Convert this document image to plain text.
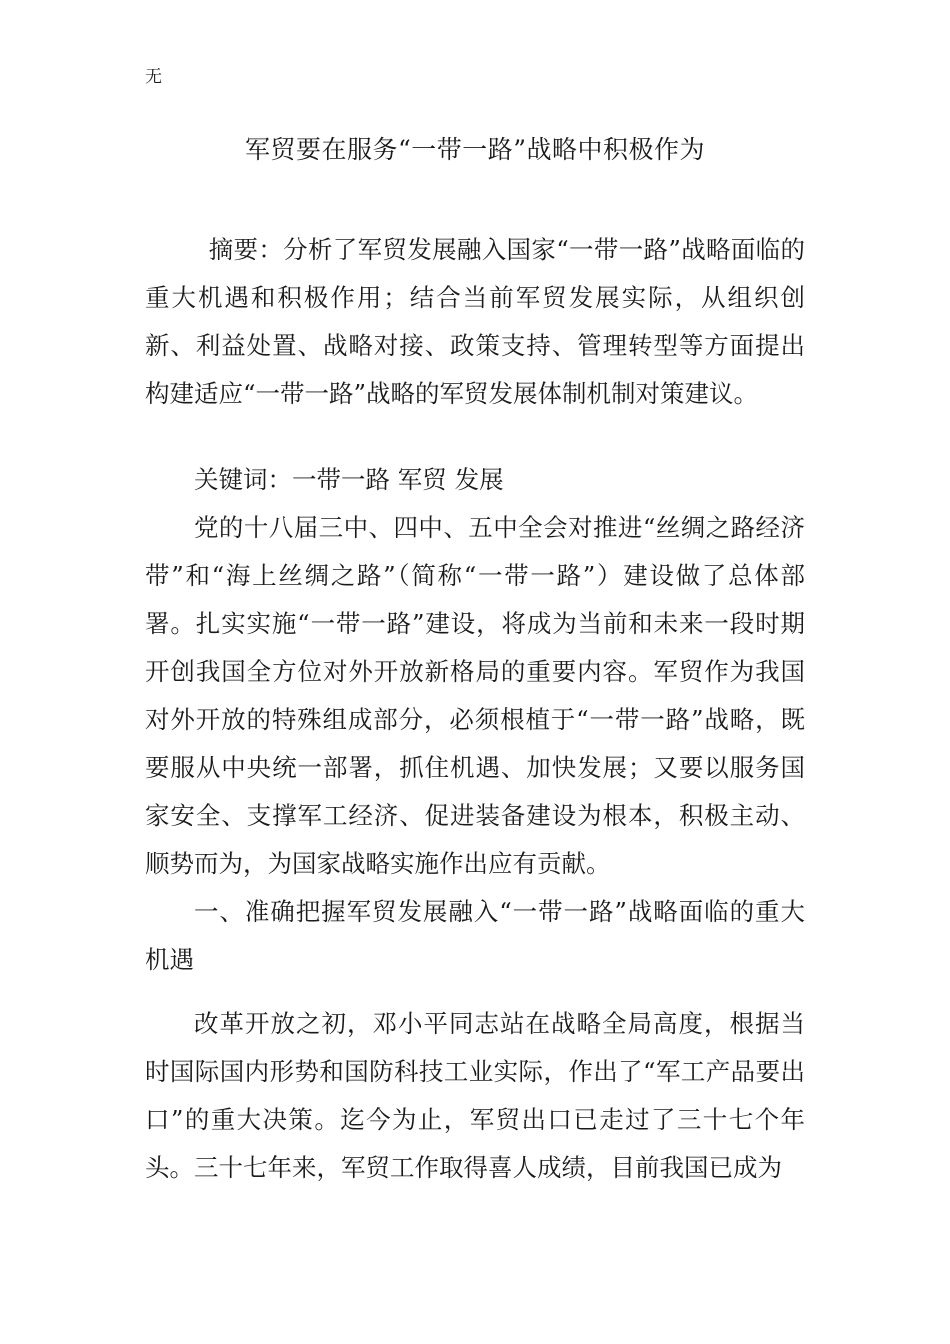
无
军贸要在服务“一带一路”战略中积极作为

摘要：分析了军贸发展融入国家“一带一路”战略面临的重大机遇和积极作用；结合当前军贸发展实际，从组织创新、利益处置、战略对接、政策支持、管理转型等方面提出构建适应“一带一路”战略的军贸发展体制机制对策建议。

关键词：一带一路 军贸 发展

党的十八届三中、四中、五中全会对推进“丝绸之路经济带”和“海上丝绸之路”（简称“一带一路”）建设做了总体部署。扎实实施“一带一路”建设，将成为当前和未来一段时期开创我国全方位对外开放新格局的重要内容。军贸作为我国对外开放的特殊组成部分，必须根植于“一带一路”战略，既要服从中央统一部署，抓住机遇、加快发展；又要以服务国家安全、支撑军工经济、促进装备建设为根本，积极主动、顺势而为，为国家战略实施作出应有贡献。

一、准确把握军贸发展融入“一带一路”战略面临的重大机遇

改革开放之初，邓小平同志站在战略全局高度，根据当时国际国内形势和国防科技工业实际，作出了“军工产品要出口”的重大决策。迄今为止，军贸出口已走过了三十七个年头。三十七年来，军贸工作取得喜人成绩，目前我国已成为
